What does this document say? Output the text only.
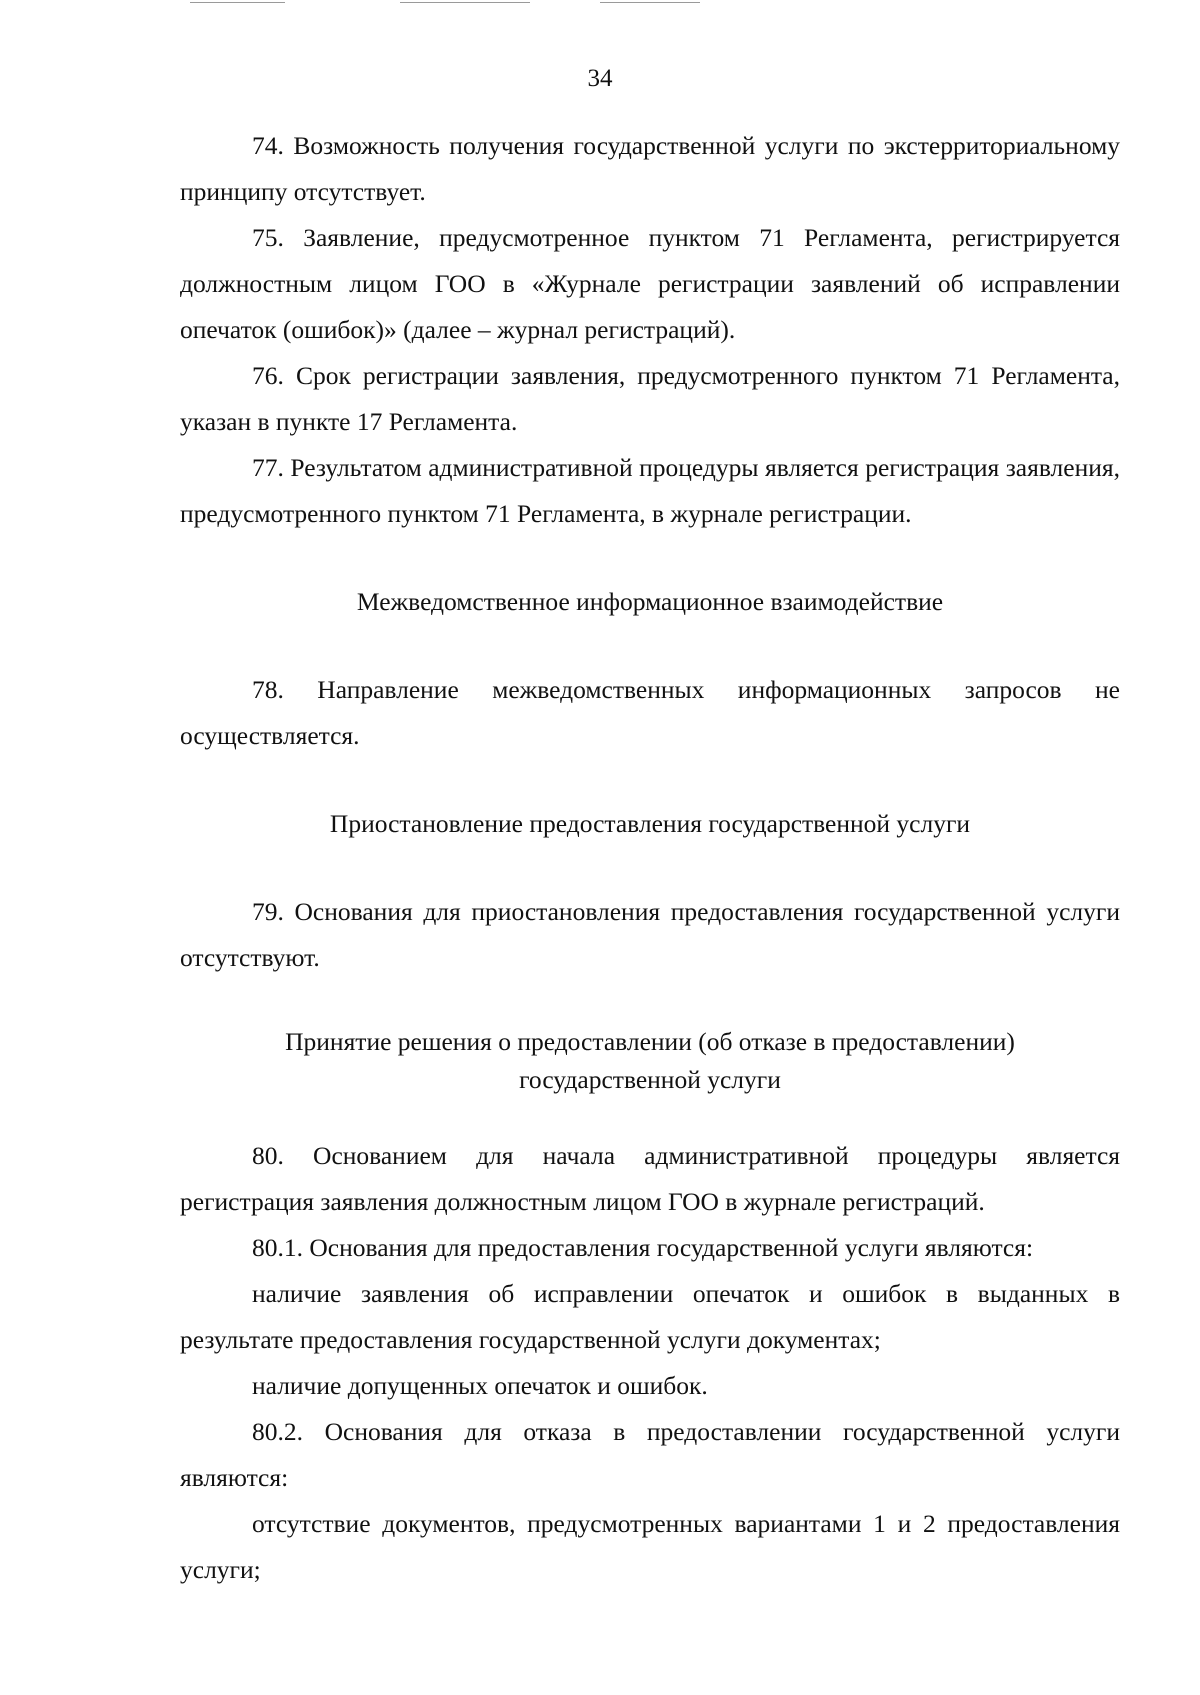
34

74. Возможность получения государственной услуги по экстерриториальному принципу отсутствует.

75. Заявление, предусмотренное пунктом 71 Регламента, регистрируется должностным лицом ГОО в «Журнале регистрации заявлений об исправлении опечаток (ошибок)» (далее – журнал регистраций).

76. Срок регистрации заявления, предусмотренного пунктом 71 Регламента, указан в пункте 17 Регламента.

77. Результатом административной процедуры является регистрация заявления, предусмотренного пунктом 71 Регламента, в журнале регистрации.

Межведомственное информационное взаимодействие

78. Направление межведомственных информационных запросов не осуществляется.

Приостановление предоставления государственной услуги

79. Основания для приостановления предоставления государственной услуги отсутствуют.

Принятие решения о предоставлении (об отказе в предоставлении)
государственной услуги

80. Основанием для начала административной процедуры является регистрация заявления должностным лицом ГОО в журнале регистраций.

80.1. Основания для предоставления государственной услуги являются:

наличие заявления об исправлении опечаток и ошибок в выданных в результате предоставления государственной услуги документах;

наличие допущенных опечаток и ошибок.

80.2. Основания для отказа в предоставлении государственной услуги являются:

отсутствие документов, предусмотренных вариантами 1 и 2 предоставления услуги;
